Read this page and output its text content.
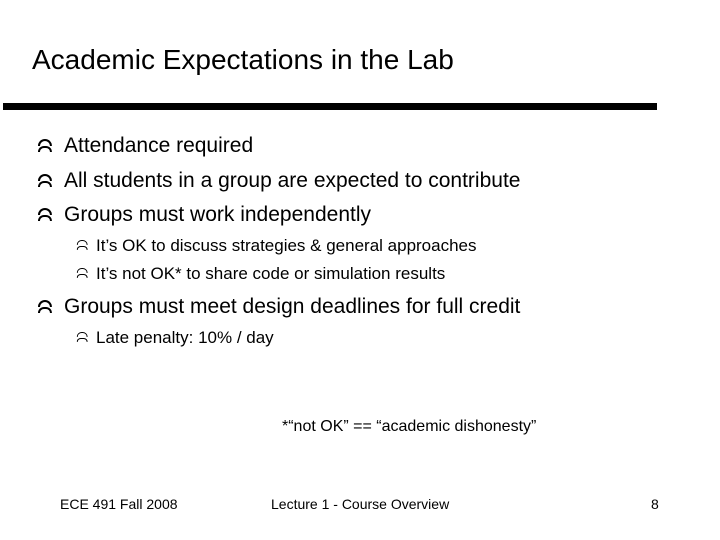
Academic Expectations in the Lab
Attendance required
All students in a group are expected to contribute
Groups must work independently
It’s OK to discuss strategies & general approaches
It’s not OK* to share code or simulation results
Groups must meet design deadlines for full credit
Late penalty: 10% / day
*“not OK” == “academic dishonesty”
ECE 491 Fall 2008	Lecture 1 - Course Overview	8
